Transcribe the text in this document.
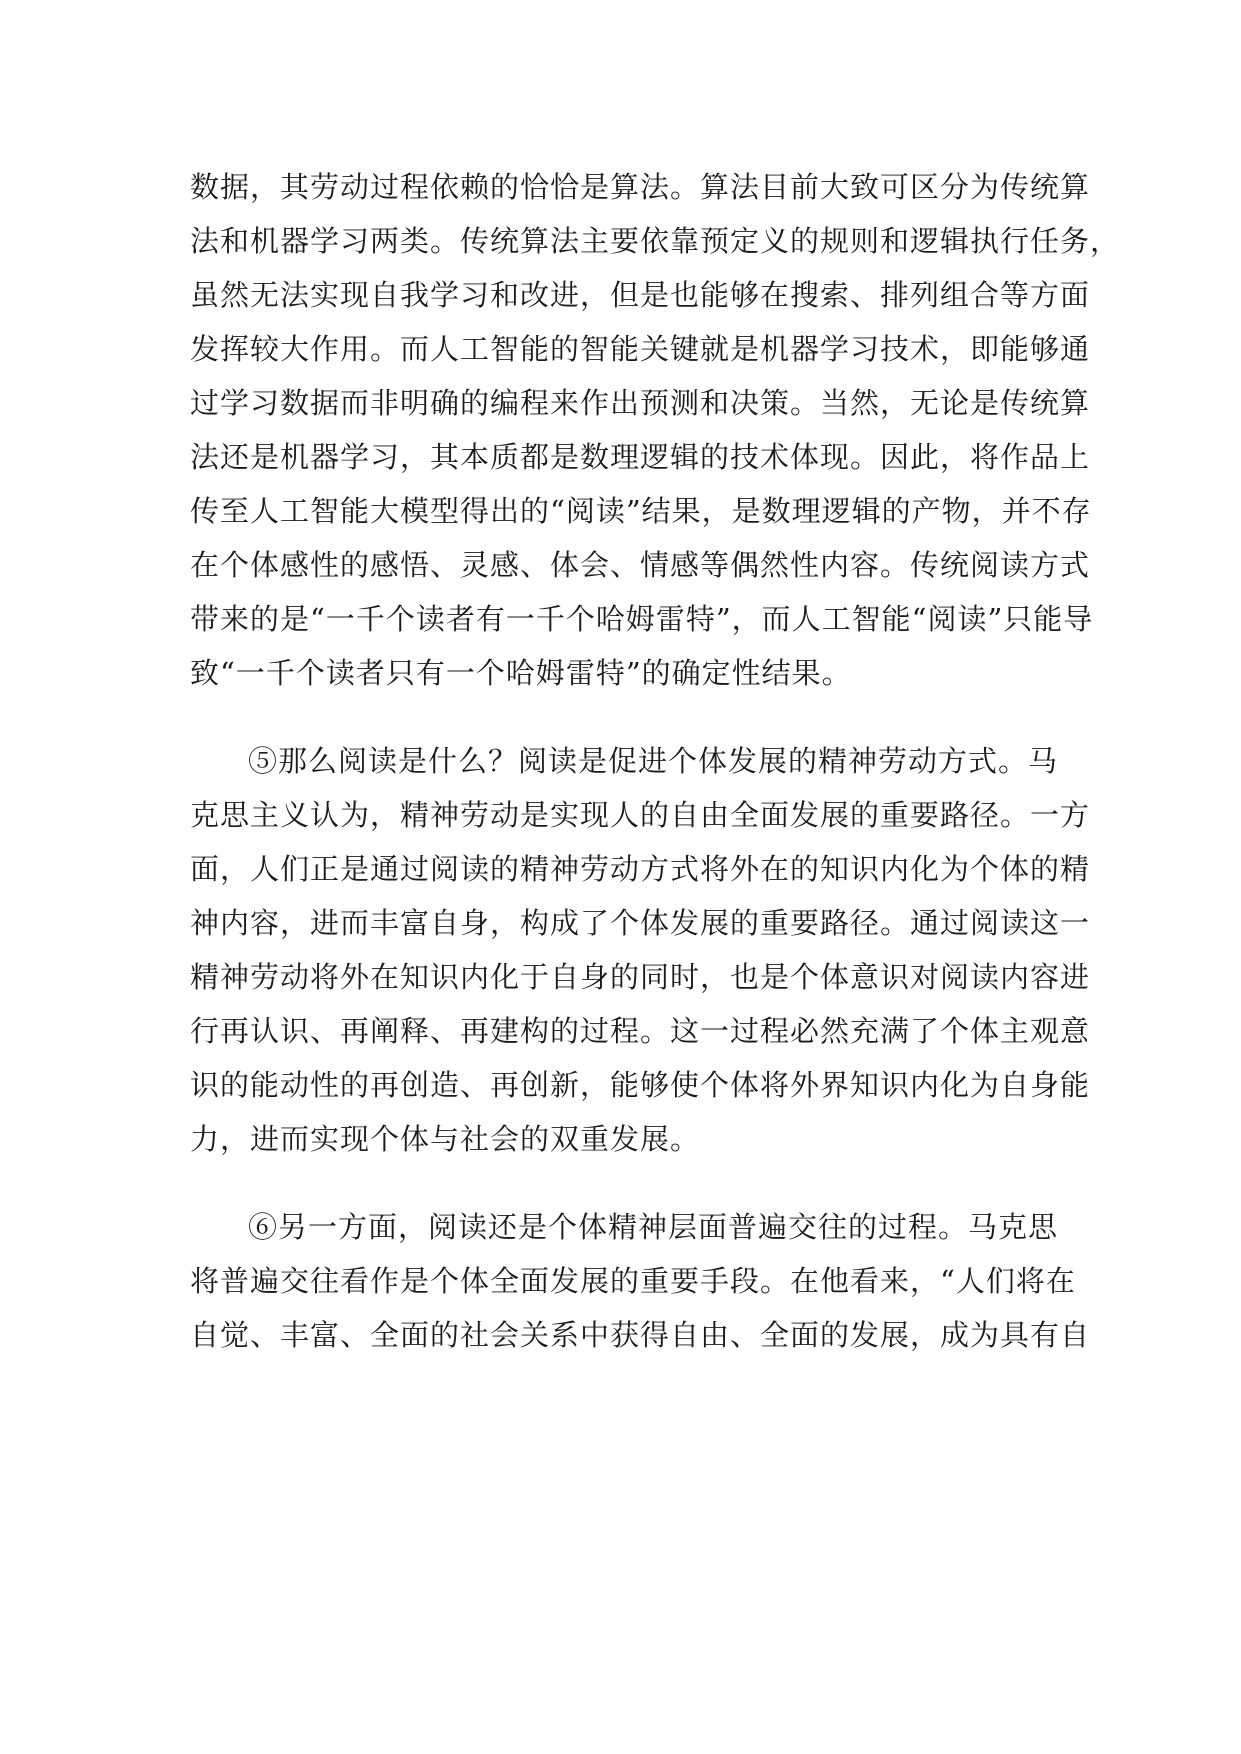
数据，其劳动过程依赖的恰恰是算法。算法目前大致可区分为传统算
法和机器学习两类。传统算法主要依靠预定义的规则和逻辑执行任务，
虽然无法实现自我学习和改进，但是也能够在搜索、排列组合等方面
发挥较大作用。而人工智能的智能关键就是机器学习技术，即能够通
过学习数据而非明确的编程来作出预测和决策。当然，无论是传统算
法还是机器学习，其本质都是数理逻辑的技术体现。因此，将作品上
传至人工智能大模型得出的“阅读”结果，是数理逻辑的产物，并不存
在个体感性的感悟、灵感、体会、情感等偶然性内容。传统阅读方式
带来的是“一千个读者有一千个哈姆雷特”，而人工智能“阅读”只能导
致“一千个读者只有一个哈姆雷特”的确定性结果。
⑤那么阅读是什么？阅读是促进个体发展的精神劳动方式。马
克思主义认为，精神劳动是实现人的自由全面发展的重要路径。一方
面，人们正是通过阅读的精神劳动方式将外在的知识内化为个体的精
神内容，进而丰富自身，构成了个体发展的重要路径。通过阅读这一
精神劳动将外在知识内化于自身的同时，也是个体意识对阅读内容进
行再认识、再阐释、再建构的过程。这一过程必然充满了个体主观意
识的能动性的再创造、再创新，能够使个体将外界知识内化为自身能
力，进而实现个体与社会的双重发展。
⑥另一方面，阅读还是个体精神层面普遍交往的过程。马克思
将普遍交往看作是个体全面发展的重要手段。在他看来，“人们将在
自觉、丰富、全面的社会关系中获得自由、全面的发展，成为具有自
